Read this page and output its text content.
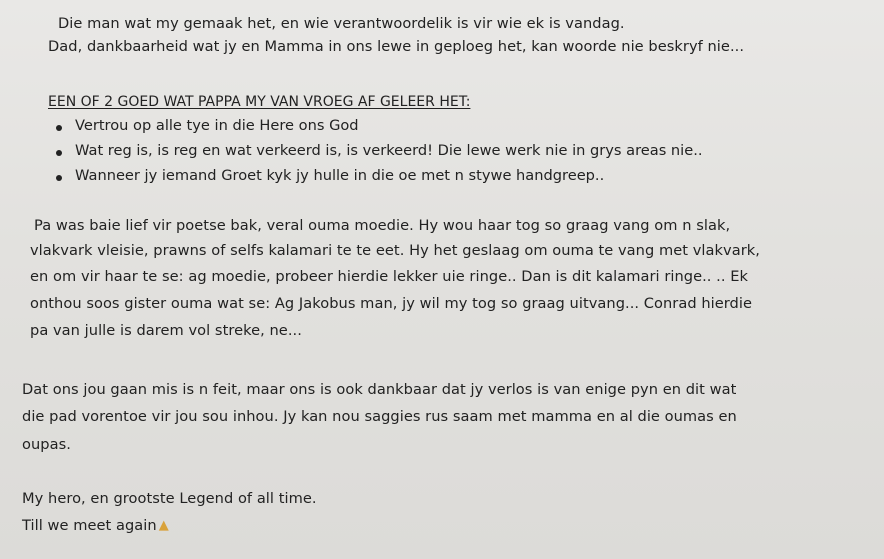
Die man wat my gemaak het, en wie verantwoordelik is vir wie ek is vandag.
Dad, dankbaarheid wat jy en Mamma in ons lewe in geploeg het, kan woorde nie beskryf nie...
EEN OF 2 GOED WAT PAPPA MY VAN VROEG AF GELEER HET:
Vertrou op alle tye in die Here ons God
Wat reg is, is reg en wat verkeerd is, is verkeerd! Die lewe werk nie in grys areas nie..
Wanneer jy iemand Groet kyk jy hulle in die oe met n stywe handgreep..
Pa was baie lief vir poetse bak, veral ouma moedie. Hy wou haar tog so graag vang om n slak,
vlakvark vleisie, prawns of selfs kalamari te te eet. Hy het geslaag om ouma te vang met vlakvark,
en om vir haar te se: ag moedie, probeer hierdie lekker uie ringe.. Dan is dit kalamari ringe.. .. Ek
onthou soos gister ouma wat se: Ag Jakobus man, jy wil my tog so graag uitvang... Conrad hierdie
pa van julle is darem vol streke, ne...
Dat ons jou gaan mis is n feit, maar ons is ook dankbaar dat jy verlos is van enige pyn en dit wat
die pad vorentoe vir jou sou inhou. Jy kan nou saggies rus saam met mamma en al die oumas en
oupas.
My hero, en grootste Legend of all time.
Till we meet again ▲
